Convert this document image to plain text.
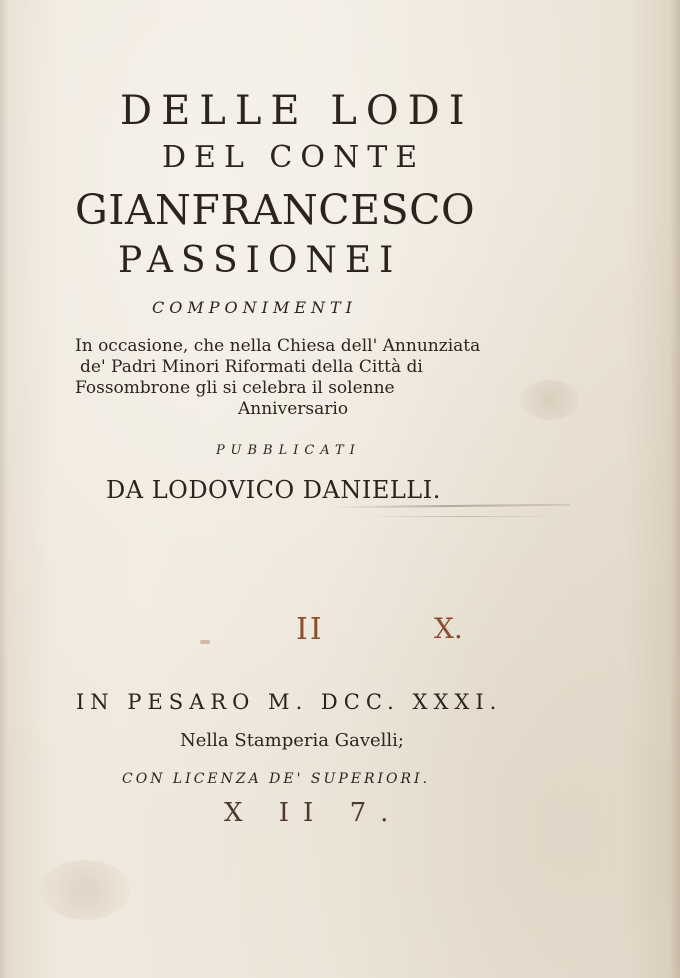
DELLE LODI
DEL CONTE
GIANFRANCESCO
PASSIONEI
COMPONIMENTI
In occasione, che nella Chiesa dell' Annunziata
de' Padri Minori Riformati della Città di
Fossombrone gli si celebra il solenne
Anniversario
PUBBLICATI
DA LODOVICO DANIELLI.
II	X.
IN PESARO M. DCC. XXXI.
Nella Stamperia Gavelli;
CON LICENZA DE' SUPERIORI.
X II 7.
